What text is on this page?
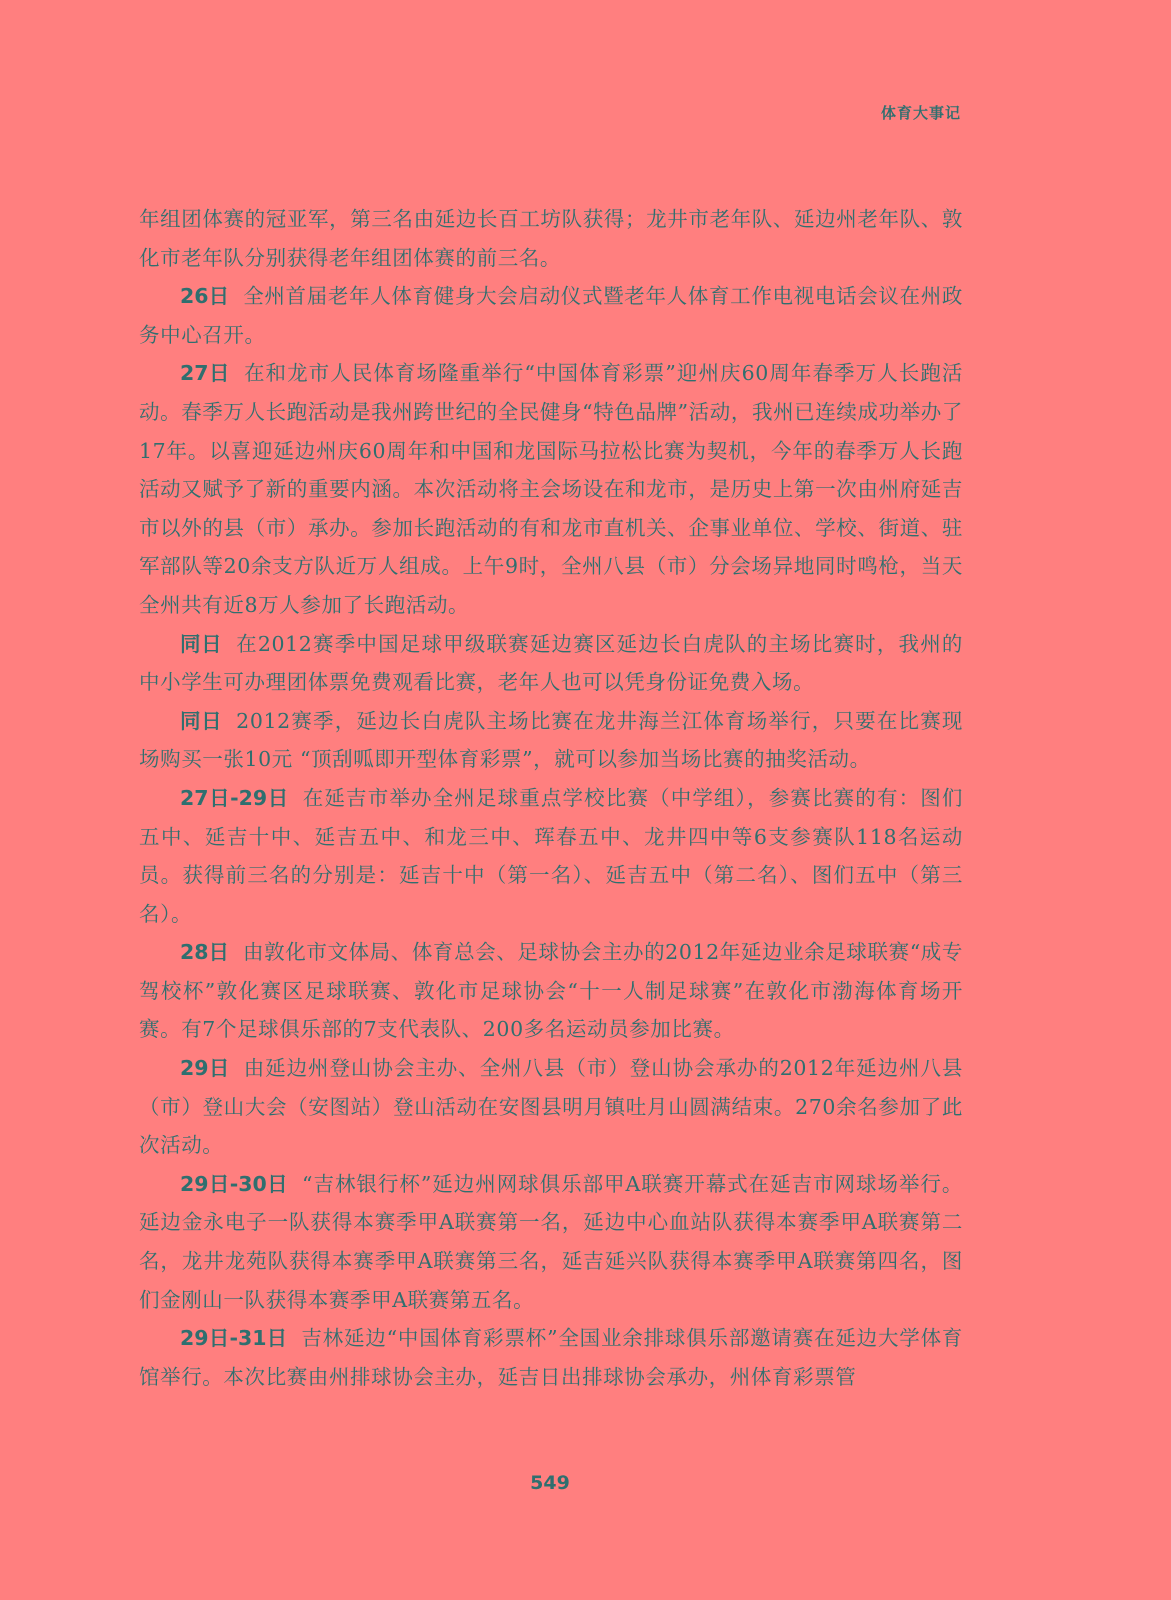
体育大事记

年组团体赛的冠亚军，第三名由延边长百工坊队获得；龙井市老年队、延边州老年队、敦化市老年队分别获得老年组团体赛的前三名。

26日 全州首届老年人体育健身大会启动仪式暨老年人体育工作电视电话会议在州政务中心召开。

27日 在和龙市人民体育场隆重举行“中国体育彩票”迎州庆60周年春季万人长跑活动。春季万人长跑活动是我州跨世纪的全民健身“特色品牌”活动，我州已连续成功举办了17年。以喜迎延边州庆60周年和中国和龙国际马拉松比赛为契机，今年的春季万人长跑活动又赋予了新的重要内涵。本次活动将主会场设在和龙市，是历史上第一次由州府延吉市以外的县（市）承办。参加长跑活动的有和龙市直机关、企事业单位、学校、街道、驻军部队等20余支方队近万人组成。上午9时，全州八县（市）分会场异地同时鸣枪，当天全州共有近8万人参加了长跑活动。

同日 在2012赛季中国足球甲级联赛延边赛区延边长白虎队的主场比赛时，我州的中小学生可办理团体票免费观看比赛，老年人也可以凭身份证免费入场。

同日 2012赛季，延边长白虎队主场比赛在龙井海兰江体育场举行，只要在比赛现场购买一张10元 “顶刮呱即开型体育彩票”，就可以参加当场比赛的抽奖活动。

27日-29日 在延吉市举办全州足球重点学校比赛（中学组），参赛比赛的有：图们五中、延吉十中、延吉五中、和龙三中、珲春五中、龙井四中等6支参赛队118名运动员。获得前三名的分别是：延吉十中（第一名）、延吉五中（第二名）、图们五中（第三名）。

28日 由敦化市文体局、体育总会、足球协会主办的2012年延边业余足球联赛“成专驾校杯”敦化赛区足球联赛、敦化市足球协会“十一人制足球赛”在敦化市渤海体育场开赛。有7个足球俱乐部的7支代表队、200多名运动员参加比赛。

29日 由延边州登山协会主办、全州八县（市）登山协会承办的2012年延边州八县（市）登山大会（安图站）登山活动在安图县明月镇吐月山圆满结束。270余名参加了此次活动。

29日-30日 “吉林银行杯”延边州网球俱乐部甲A联赛开幕式在延吉市网球场举行。延边金永电子一队获得本赛季甲A联赛第一名，延边中心血站队获得本赛季甲A联赛第二名，龙井龙苑队获得本赛季甲A联赛第三名，延吉延兴队获得本赛季甲A联赛第四名，图们金刚山一队获得本赛季甲A联赛第五名。

29日-31日 吉林延边“中国体育彩票杯”全国业余排球俱乐部邀请赛在延边大学体育馆举行。本次比赛由州排球协会主办，延吉日出排球协会承办，州体育彩票管

549
